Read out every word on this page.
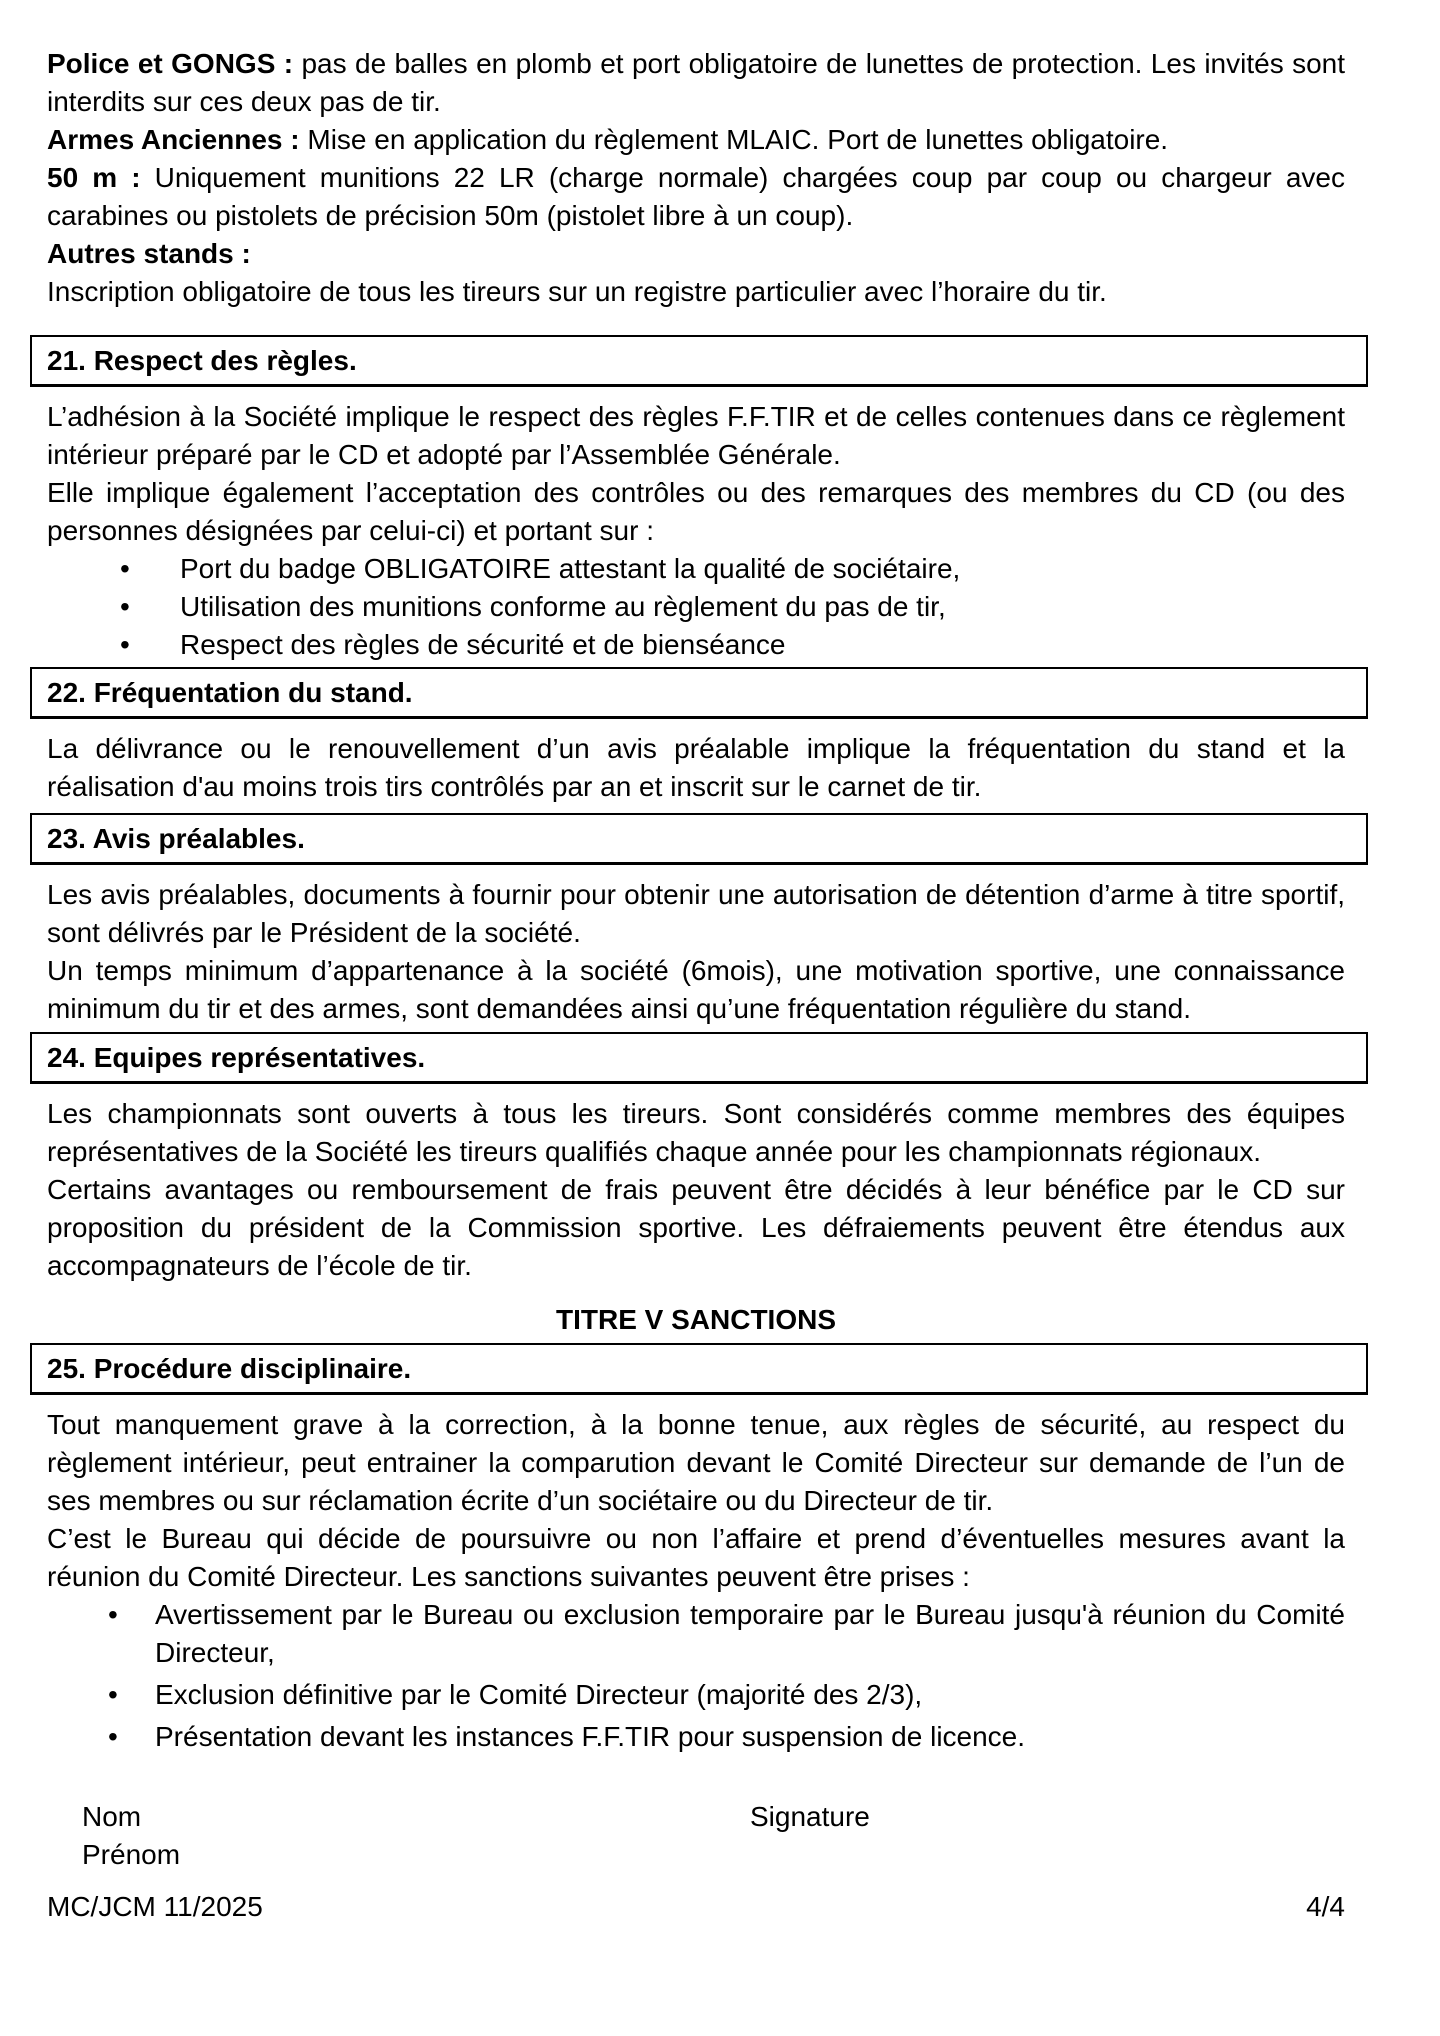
Police et GONGS : pas de balles en plomb et port obligatoire de lunettes de protection. Les invités sont interdits sur ces deux pas de tir.

Armes Anciennes : Mise en application du règlement MLAIC. Port de lunettes obligatoire.

50 m : Uniquement munitions 22 LR (charge normale) chargées coup par coup ou chargeur avec carabines ou pistolets de précision 50m (pistolet libre à un coup).

Autres stands :

Inscription obligatoire de tous les tireurs sur un registre particulier avec l’horaire du tir.

21. Respect des règles.

L’adhésion à la Société implique le respect des règles F.F.TIR et de celles contenues dans ce règlement intérieur préparé par le CD et adopté par l’Assemblée Générale.

Elle implique également l’acceptation des contrôles ou des remarques des membres du CD (ou des personnes désignées par celui-ci) et portant sur :

• Port du badge OBLIGATOIRE attestant la qualité de sociétaire,
• Utilisation des munitions conforme au règlement du pas de tir,
• Respect des règles de sécurité et de bienséance
22. Fréquentation du stand.

La délivrance ou le renouvellement d’un avis préalable implique la fréquentation du stand et la réalisation d'au moins trois tirs contrôlés par an et inscrit sur le carnet de tir.

23. Avis préalables.

Les avis préalables, documents à fournir pour obtenir une autorisation de détention d’arme à titre sportif, sont délivrés par le Président de la société.

Un temps minimum d’appartenance à la société (6mois), une motivation sportive, une connaissance minimum du tir et des armes, sont demandées ainsi qu’une fréquentation régulière du stand.

24. Equipes représentatives.

Les championnats sont ouverts à tous les tireurs. Sont considérés comme membres des équipes représentatives de la Société les tireurs qualifiés chaque année pour les championnats régionaux.

Certains avantages ou remboursement de frais peuvent être décidés à leur bénéfice par le CD sur proposition du président de la Commission sportive. Les défraiements peuvent être étendus aux accompagnateurs de l’école de tir.

TITRE V SANCTIONS

25. Procédure disciplinaire.

Tout manquement grave à la correction, à la bonne tenue, aux règles de sécurité, au respect du règlement intérieur, peut entrainer la comparution devant le Comité Directeur sur demande de l’un de ses membres ou sur réclamation écrite d’un sociétaire ou du Directeur de tir.

C’est le Bureau qui décide de poursuivre ou non l’affaire et prend d’éventuelles mesures avant la réunion du Comité Directeur. Les sanctions suivantes peuvent être prises :

• Avertissement par le Bureau ou exclusion temporaire par le Bureau jusqu'à réunion du Comité Directeur,
• Exclusion définitive par le Comité Directeur (majorité des 2/3),
• Présentation devant les instances F.F.TIR pour suspension de licence.
Nom	Signature
Prénom
MC/JCM 11/2025	4/4
